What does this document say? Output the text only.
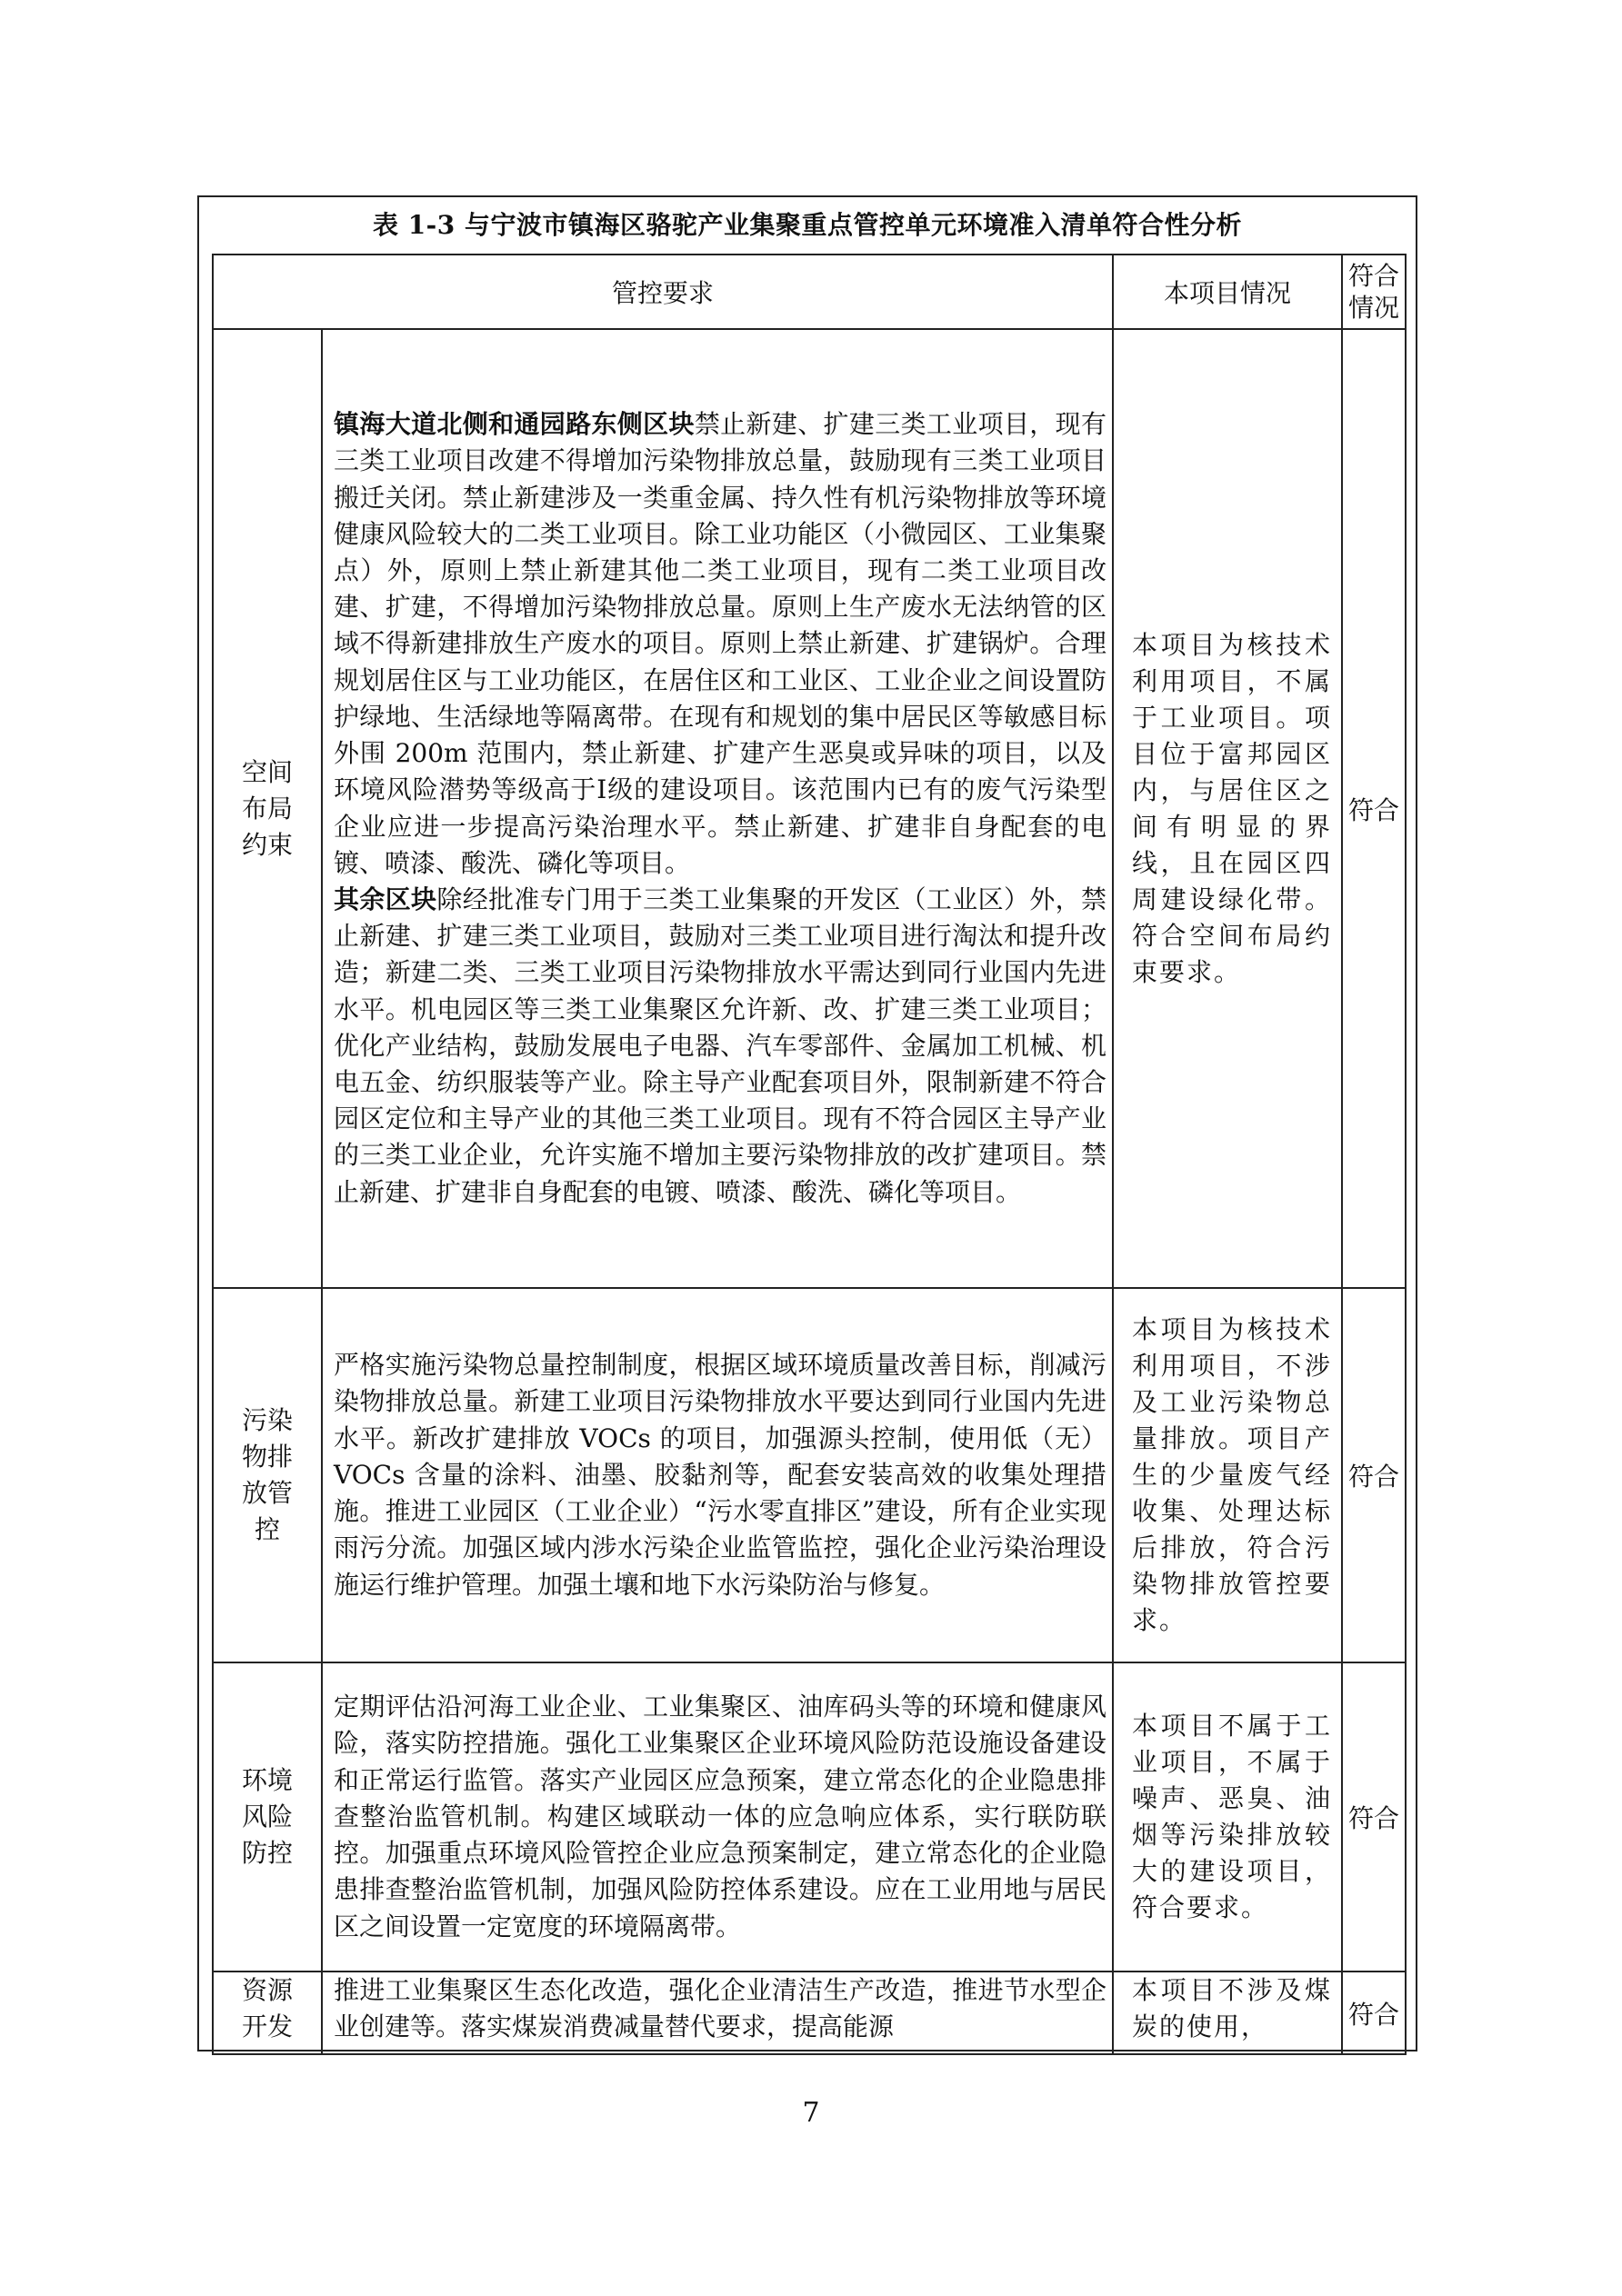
表 1-3 与宁波市镇海区骆驼产业集聚重点管控单元环境准入清单符合性分析
管控要求		本项目情况	符合情况
空间布局约束	镇海大道北侧和通园路东侧区块禁止新建、扩建三类工业项目，现有三类工业项目改建不得增加污染物排放总量，鼓励现有三类工业项目搬迁关闭。禁止新建涉及一类重金属、持久性有机污染物排放等环境健康风险较大的二类工业项目。除工业功能区（小微园区、工业集聚点）外，原则上禁止新建其他二类工业项目，现有二类工业项目改建、扩建，不得增加污染物排放总量。原则上生产废水无法纳管的区域不得新建排放生产废水的项目。原则上禁止新建、扩建锅炉。合理规划居住区与工业功能区，在居住区和工业区、工业企业之间设置防护绿地、生活绿地等隔离带。在现有和规划的集中居民区等敏感目标外围 200m 范围内，禁止新建、扩建产生恶臭或异味的项目，以及环境风险潜势等级高于Ⅰ级的建设项目。该范围内已有的废气污染型企业应进一步提高污染治理水平。禁止新建、扩建非自身配套的电镀、喷漆、酸洗、磷化等项目。
其余区块除经批准专门用于三类工业集聚的开发区（工业区）外，禁止新建、扩建三类工业项目，鼓励对三类工业项目进行淘汰和提升改造；新建二类、三类工业项目污染物排放水平需达到同行业国内先进水平。机电园区等三类工业集聚区允许新、改、扩建三类工业项目；优化产业结构，鼓励发展电子电器、汽车零部件、金属加工机械、机电五金、纺织服装等产业。除主导产业配套项目外，限制新建不符合园区定位和主导产业的其他三类工业项目。现有不符合园区主导产业的三类工业企业，允许实施不增加主要污染物排放的改扩建项目。禁止新建、扩建非自身配套的电镀、喷漆、酸洗、磷化等项目。	本项目为核技术利用项目，不属于工业项目。项目位于富邦园区内，与居住区之间有明显的界线，且在园区四周建设绿化带。符合空间布局约束要求。	符合
污染物排放管控	严格实施污染物总量控制制度，根据区域环境质量改善目标，削减污染物排放总量。新建工业项目污染物排放水平要达到同行业国内先进水平。新改扩建排放 VOCs 的项目，加强源头控制，使用低（无）VOCs 含量的涂料、油墨、胶黏剂等，配套安装高效的收集处理措施。推进工业园区（工业企业）“污水零直排区”建设，所有企业实现雨污分流。加强区域内涉水污染企业监管监控，强化企业污染治理设施运行维护管理。加强土壤和地下水污染防治与修复。	本项目为核技术利用项目，不涉及工业污染物总量排放。项目产生的少量废气经收集、处理达标后排放，符合污染物排放管控要求。	符合
环境风险防控	定期评估沿河海工业企业、工业集聚区、油库码头等的环境和健康风险，落实防控措施。强化工业集聚区企业环境风险防范设施设备建设和正常运行监管。落实产业园区应急预案，建立常态化的企业隐患排查整治监管机制。构建区域联动一体的应急响应体系，实行联防联控。加强重点环境风险管控企业应急预案制定，建立常态化的企业隐患排查整治监管机制，加强风险防控体系建设。应在工业用地与居民区之间设置一定宽度的环境隔离带。	本项目不属于工业项目，不属于噪声、恶臭、油烟等污染排放较大的建设项目，符合要求。	符合
资源开发	推进工业集聚区生态化改造，强化企业清洁生产改造，推进节水型企业创建等。落实煤炭消费减量替代要求，提高能源	本项目不涉及煤炭的使用，	符合
7
